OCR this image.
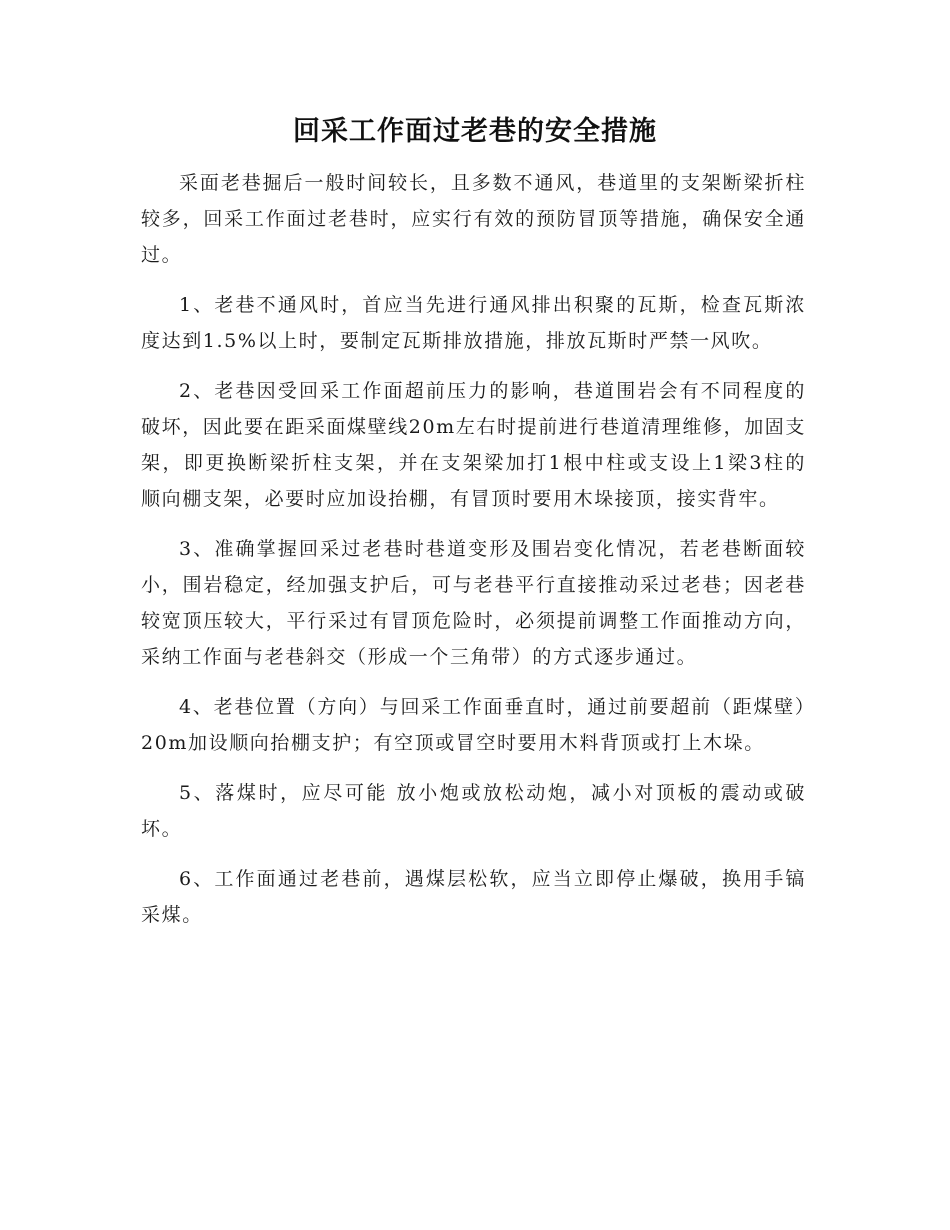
回采工作面过老巷的安全措施

采面老巷掘后一般时间较长，且多数不通风，巷道里的支架断梁折柱较多，回采工作面过老巷时，应实行有效的预防冒顶等措施，确保安全通过。

1、老巷不通风时，首应当先进行通风排出积聚的瓦斯，检查瓦斯浓度达到1.5%以上时，要制定瓦斯排放措施，排放瓦斯时严禁一风吹。

2、老巷因受回采工作面超前压力的影响，巷道围岩会有不同程度的破坏，因此要在距采面煤壁线20m左右时提前进行巷道清理维修，加固支架，即更换断梁折柱支架，并在支架梁加打1根中柱或支设上1梁3柱的 顺向棚支架，必要时应加设抬棚，有冒顶时要用木垛接顶，接实背牢。

3、准确掌握回采过老巷时巷道变形及围岩变化情况，若老巷断面较小，围岩稳定，经加强支护后，可与老巷平行直接推动采过老巷；因老巷较宽顶压较大，平行采过有冒顶危险时，必须提前调整工作面推动方向，采纳工作面与老巷斜交（形成一个三角带）的方式逐步通过。

4、老巷位置（方向）与回采工作面垂直时，通过前要超前（距煤壁）20m加设顺向抬棚支护；有空顶或冒空时要用木料背顶或打上木垛。

5、落煤时，应尽可能 放小炮或放松动炮，减小对顶板的震动或破坏。

6、工作面通过老巷前，遇煤层松软，应当立即停止爆破，换用手镐采煤。
